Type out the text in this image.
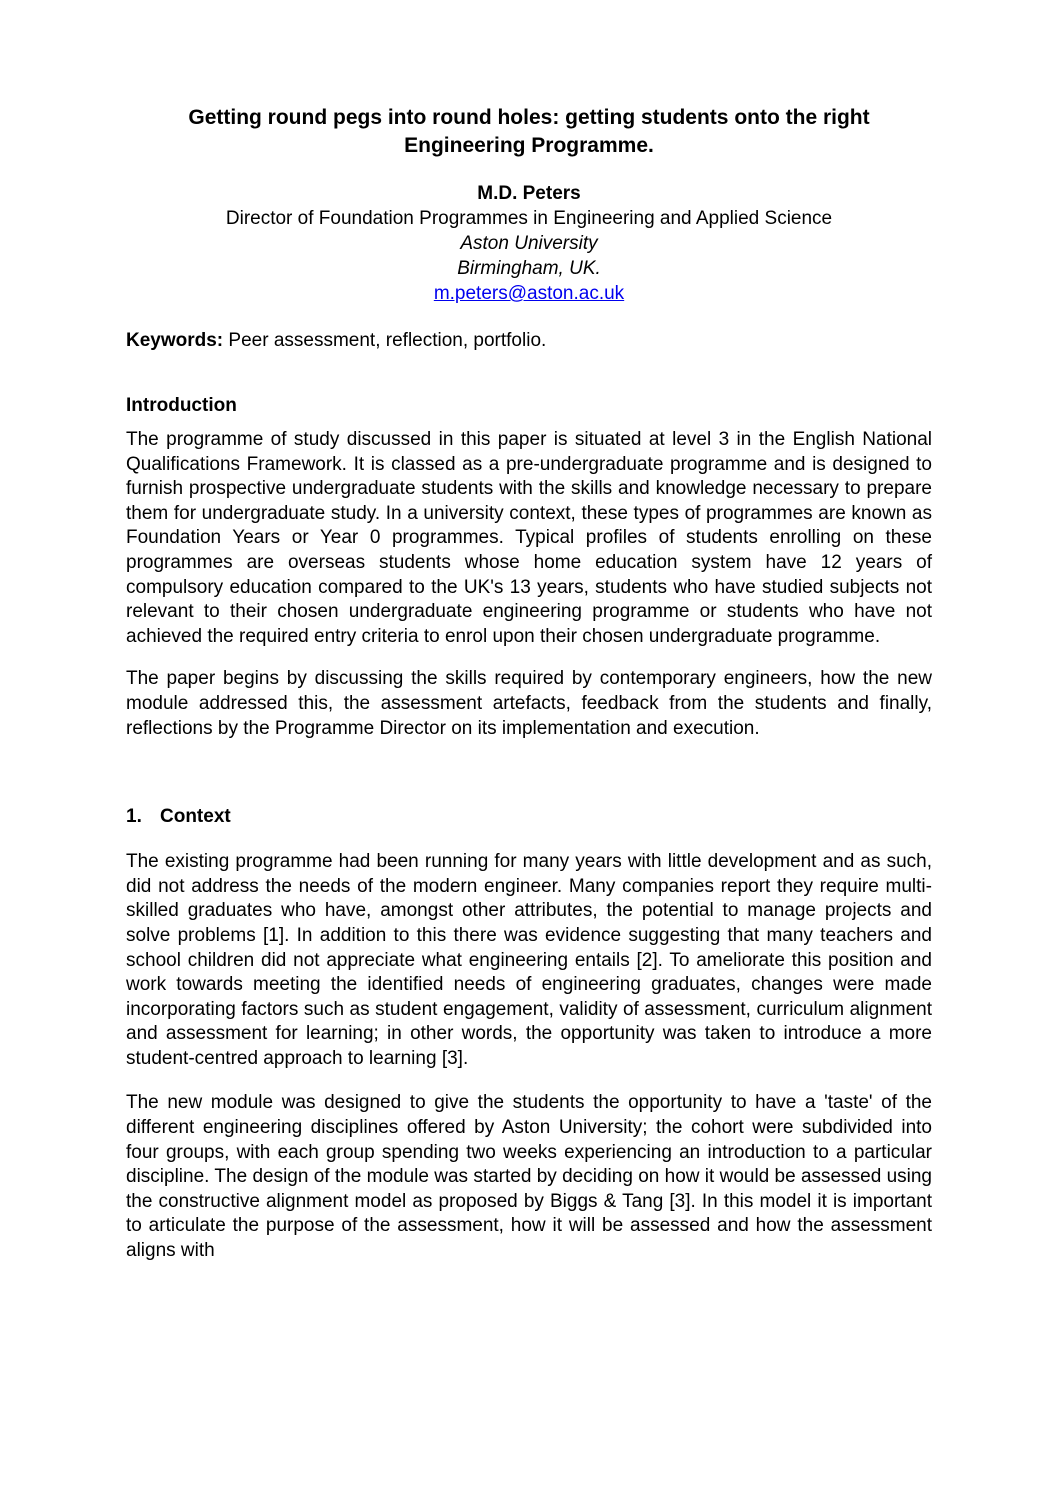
Getting round pegs into round holes: getting students onto the right Engineering Programme.
M.D. Peters
Director of Foundation Programmes in Engineering and Applied Science
Aston University
Birmingham, UK.
m.peters@aston.ac.uk
Keywords: Peer assessment, reflection, portfolio.
Introduction

The programme of study discussed in this paper is situated at level 3 in the English National Qualifications Framework. It is classed as a pre-undergraduate programme and is designed to furnish prospective undergraduate students with the skills and knowledge necessary to prepare them for undergraduate study. In a university context, these types of programmes are known as Foundation Years or Year 0 programmes. Typical profiles of students enrolling on these programmes are overseas students whose home education system have 12 years of compulsory education compared to the UK's 13 years, students who have studied subjects not relevant to their chosen undergraduate engineering programme or students who have not achieved the required entry criteria to enrol upon their chosen undergraduate programme.

The paper begins by discussing the skills required by contemporary engineers, how the new module addressed this, the assessment artefacts, feedback from the students and finally, reflections by the Programme Director on its implementation and execution.

1. Context

The existing programme had been running for many years with little development and as such, did not address the needs of the modern engineer. Many companies report they require multi-skilled graduates who have, amongst other attributes, the potential to manage projects and solve problems [1]. In addition to this there was evidence suggesting that many teachers and school children did not appreciate what engineering entails [2]. To ameliorate this position and work towards meeting the identified needs of engineering graduates, changes were made incorporating factors such as student engagement, validity of assessment, curriculum alignment and assessment for learning; in other words, the opportunity was taken to introduce a more student-centred approach to learning [3].

The new module was designed to give the students the opportunity to have a 'taste' of the different engineering disciplines offered by Aston University; the cohort were subdivided into four groups, with each group spending two weeks experiencing an introduction to a particular discipline. The design of the module was started by deciding on how it would be assessed using the constructive alignment model as proposed by Biggs & Tang [3]. In this model it is important to articulate the purpose of the assessment, how it will be assessed and how the assessment aligns with
